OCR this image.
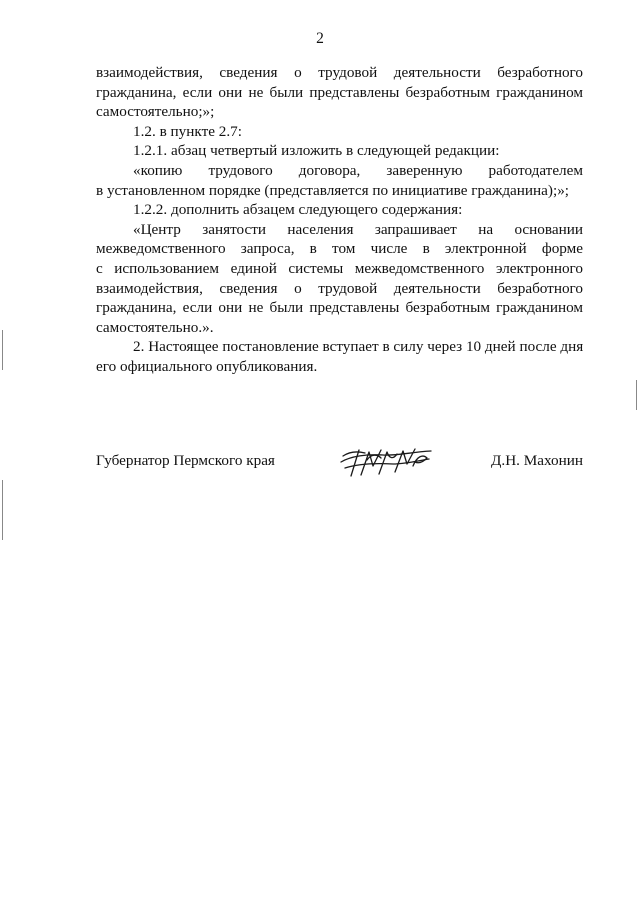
2
взаимодействия, сведения о трудовой деятельности безработного
гражданина, если они не были представлены безработным гражданином
самостоятельно;»;
1.2. в пункте 2.7:
1.2.1. абзац четвертый изложить в следующей редакции:
«копию трудового договора, заверенную работодателем
в установленном порядке (представляется по инициативе гражданина);»;
1.2.2. дополнить абзацем следующего содержания:
«Центр занятости населения запрашивает на основании
межведомственного запроса, в том числе в электронной форме
с использованием единой системы межведомственного электронного
взаимодействия, сведения о трудовой деятельности безработного
гражданина, если они не были представлены безработным гражданином
самостоятельно.».
2. Настоящее постановление вступает в силу через 10 дней после дня
его официального опубликования.
Губернатор Пермского края	Д.Н. Махонин
